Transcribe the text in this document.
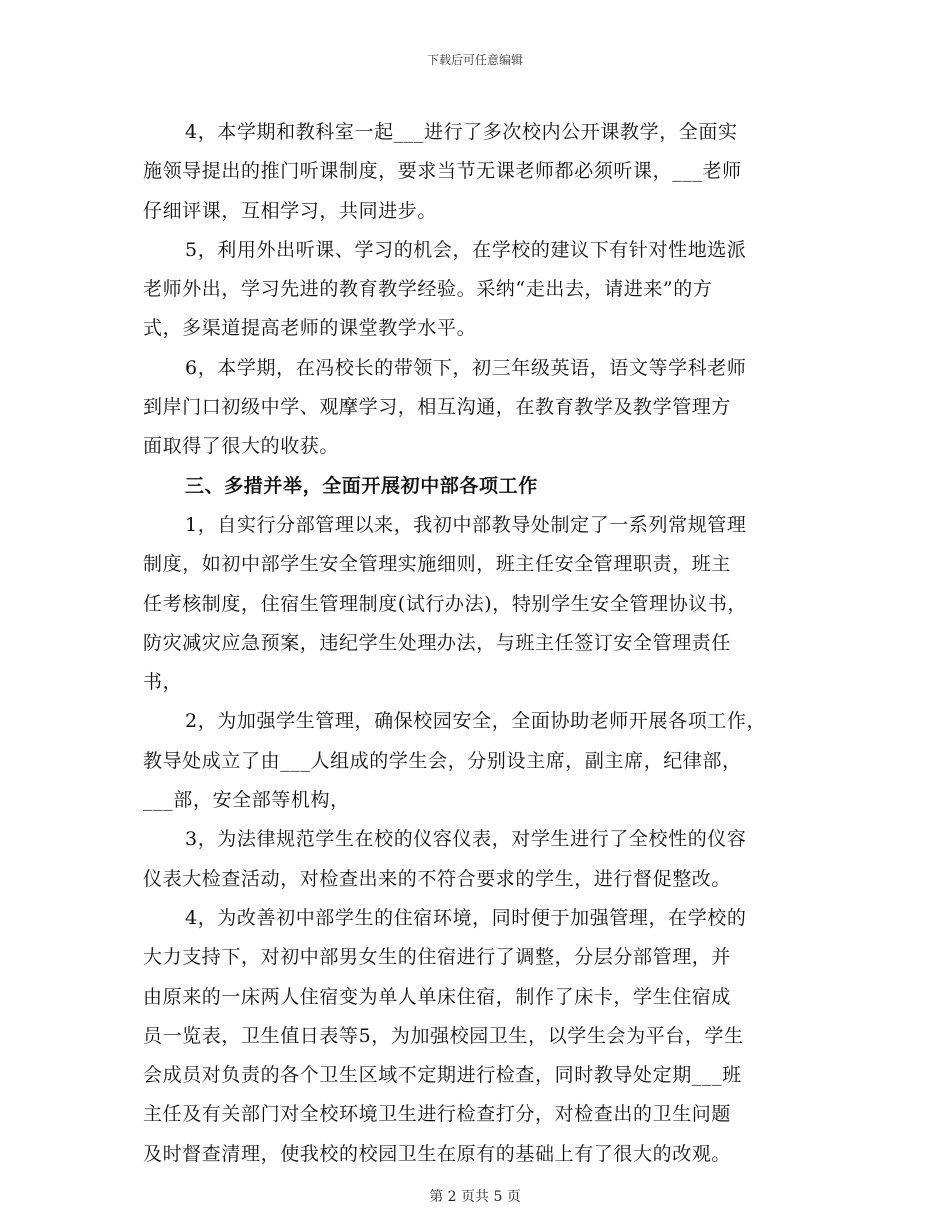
下载后可任意编辑
4，本学期和教科室一起___进行了多次校内公开课教学，全面实
施领导提出的推门听课制度，要求当节无课老师都必须听课，___老师
仔细评课，互相学习，共同进步。
5，利用外出听课、学习的机会，在学校的建议下有针对性地选派
老师外出，学习先进的教育教学经验。采纳“走出去，请进来”的方
式，多渠道提高老师的课堂教学水平。
6，本学期，在冯校长的带领下，初三年级英语，语文等学科老师
到岸门口初级中学、观摩学习，相互沟通，在教育教学及教学管理方
面取得了很大的收获。
三、多措并举，全面开展初中部各项工作
1，自实行分部管理以来，我初中部教导处制定了一系列常规管理
制度，如初中部学生安全管理实施细则，班主任安全管理职责，班主
任考核制度，住宿生管理制度(试行办法)，特别学生安全管理协议书，
防灾减灾应急预案，违纪学生处理办法，与班主任签订安全管理责任
书，
2，为加强学生管理，确保校园安全，全面协助老师开展各项工作，
教导处成立了由___人组成的学生会，分别设主席，副主席，纪律部，
___部，安全部等机构，
3，为法律规范学生在校的仪容仪表，对学生进行了全校性的仪容
仪表大检查活动，对检查出来的不符合要求的学生，进行督促整改。
4，为改善初中部学生的住宿环境，同时便于加强管理，在学校的
大力支持下，对初中部男女生的住宿进行了调整，分层分部管理，并
由原来的一床两人住宿变为单人单床住宿，制作了床卡，学生住宿成
员一览表，卫生值日表等5，为加强校园卫生，以学生会为平台，学生
会成员对负责的各个卫生区域不定期进行检查，同时教导处定期___班
主任及有关部门对全校环境卫生进行检查打分，对检查出的卫生问题
及时督查清理，使我校的校园卫生在原有的基础上有了很大的改观。
第 2 页共 5 页
